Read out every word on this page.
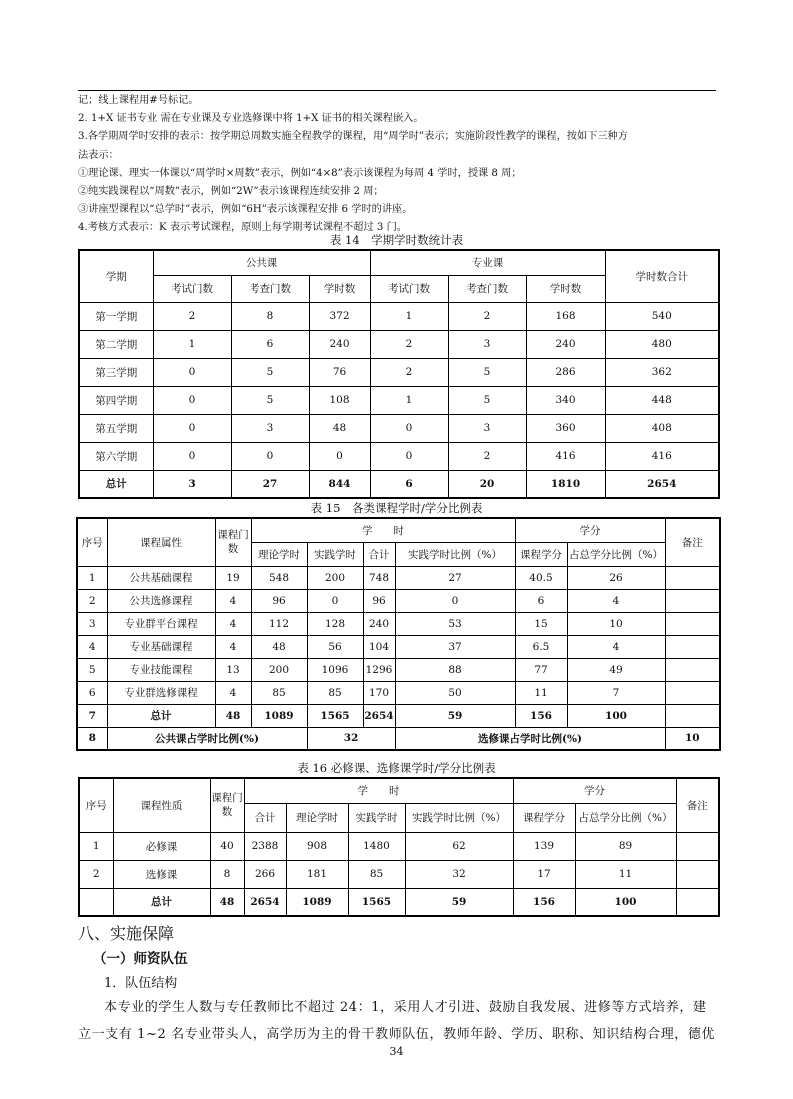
记；线上课程用#号标记。
2. 1+X 证书专业 需在专业课及专业选修课中将 1+X 证书的相关课程嵌入。
3.各学期周学时安排的表示：按学期总周数实施全程教学的课程，用“周学时”表示；实施阶段性教学的课程，按如下三种方
法表示：
①理论课、理实一体课以“周学时×周数”表示，例如“4×8”表示该课程为每周 4 学时，授课 8 周；
②纯实践课程以“周数”表示，例如“2W”表示该课程连续安排 2 周；
③讲座型课程以“总学时”表示，例如“6H”表示该课程安排 6 学时的讲座。
4.考核方式表示：K 表示考试课程，原则上每学期考试课程不超过 3 门。
表 14　学期学时数统计表
学期	公共课			专业课			学时数合计
	考试门数	考查门数	学时数	考试门数	考查门数	学时数	
第一学期	2	8	372	1	2	168	540
第二学期	1	6	240	2	3	240	480
第三学期	0	5	76	2	5	286	362
第四学期	0	5	108	1	5	340	448
第五学期	0	3	48	0	3	360	408
第六学期	0	0	0	0	2	416	416
总计	3	27	844	6	20	1810	2654
表 15　各类课程学时/学分比例表
序号	课程属性	课程门数	学　　时				学分		备注
			理论学时	实践学时	合计	实践学时比例（%）	课程学分	占总学分比例（%）	
1	公共基础课程	19	548	200	748	27	40.5	26	
2	公共选修课程	4	96	0	96	0	6	4	
3	专业群平台课程	4	112	128	240	53	15	10	
4	专业基础课程	4	48	56	104	37	6.5	4	
5	专业技能课程	13	200	1096	1296	88	77	49	
6	专业群选修课程	4	85	85	170	50	11	7	
7	总计	48	1089	1565	2654	59	156	100	
8	公共课占学时比例(%)			32		选修课占学时比例(%)			10
表 16 必修课、选修课学时/学分比例表
序号	课程性质	课程门数	学　　时				学分		备注
			合计	理论学时	实践学时	实践学时比例（%）	课程学分	占总学分比例（%）	
1	必修课	40	2388	908	1480	62	139	89	
2	选修课	8	266	181	85	32	17	11	
	总计	48	2654	1089	1565	59	156	100	
八、实施保障
（一）师资队伍
1．队伍结构
本专业的学生人数与专任教师比不超过 24：1，采用人才引进、鼓励自我发展、进修等方式培养，建
立一支有 1~2 名专业带头人，高学历为主的骨干教师队伍，教师年龄、学历、职称、知识结构合理，德优
34
